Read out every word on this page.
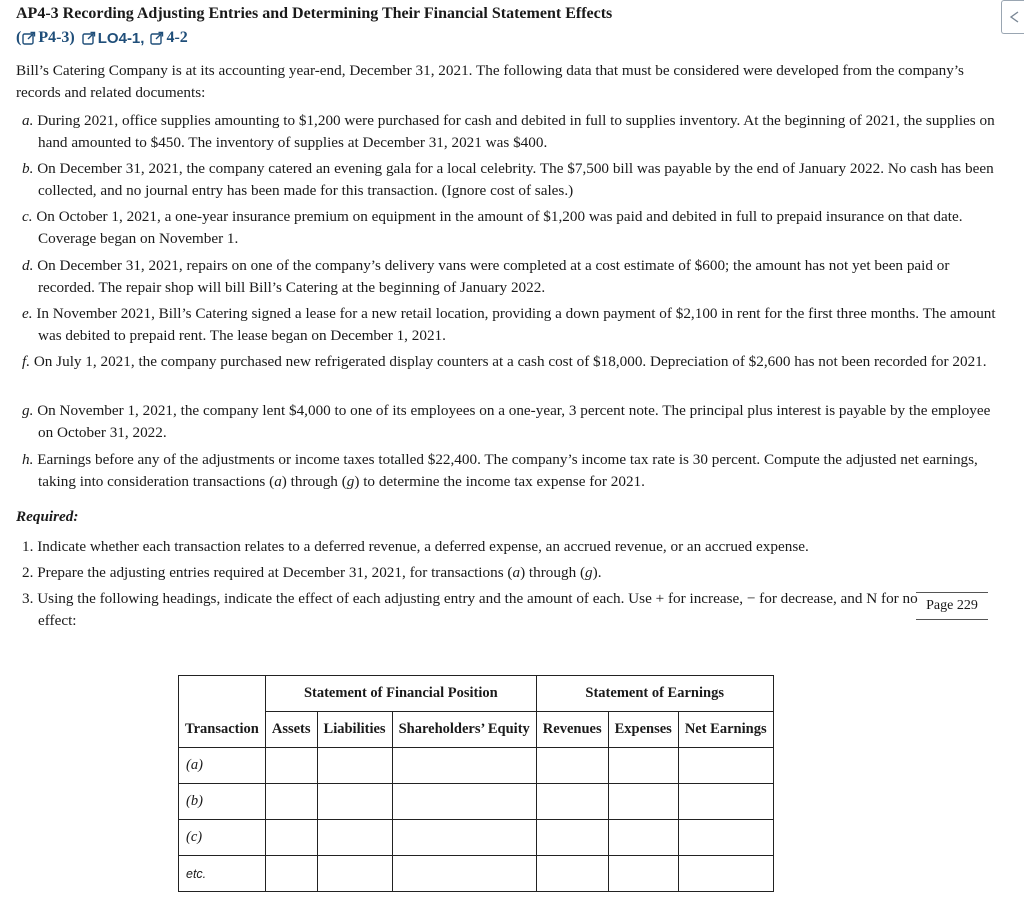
AP4-3 Recording Adjusting Entries and Determining Their Financial Statement Effects
( P4-3) LO4-1, 4-2
Bill’s Catering Company is at its accounting year-end, December 31, 2021. The following data that must be considered were developed from the company’s records and related documents:
a. During 2021, office supplies amounting to $1,200 were purchased for cash and debited in full to supplies inventory. At the beginning of 2021, the supplies on hand amounted to $450. The inventory of supplies at December 31, 2021 was $400.
b. On December 31, 2021, the company catered an evening gala for a local celebrity. The $7,500 bill was payable by the end of January 2022. No cash has been collected, and no journal entry has been made for this transaction. (Ignore cost of sales.)
c. On October 1, 2021, a one-year insurance premium on equipment in the amount of $1,200 was paid and debited in full to prepaid insurance on that date. Coverage began on November 1.
d. On December 31, 2021, repairs on one of the company’s delivery vans were completed at a cost estimate of $600; the amount has not yet been paid or recorded. The repair shop will bill Bill’s Catering at the beginning of January 2022.
e. In November 2021, Bill’s Catering signed a lease for a new retail location, providing a down payment of $2,100 in rent for the first three months. The amount was debited to prepaid rent. The lease began on December 1, 2021.
f. On July 1, 2021, the company purchased new refrigerated display counters at a cash cost of $18,000. Depreciation of $2,600 has not been recorded for 2021.
g. On November 1, 2021, the company lent $4,000 to one of its employees on a one-year, 3 percent note. The principal plus interest is payable by the employee on October 31, 2022.
h. Earnings before any of the adjustments or income taxes totalled $22,400. The company’s income tax rate is 30 percent. Compute the adjusted net earnings, taking into consideration transactions (a) through (g) to determine the income tax expense for 2021.
Required:
1. Indicate whether each transaction relates to a deferred revenue, a deferred expense, an accrued revenue, or an accrued expense.
2. Prepare the adjusting entries required at December 31, 2021, for transactions (a) through (g).
3. Using the following headings, indicate the effect of each adjusting entry and the amount of each. Use + for increase, − for decrease, and N for no effect:
Page 229
	Statement of Financial Position			Statement of Earnings		
Transaction	Assets	Liabilities	Shareholders’ Equity	Revenues	Expenses	Net Earnings
(a)						
(b)						
(c)						
etc.						
